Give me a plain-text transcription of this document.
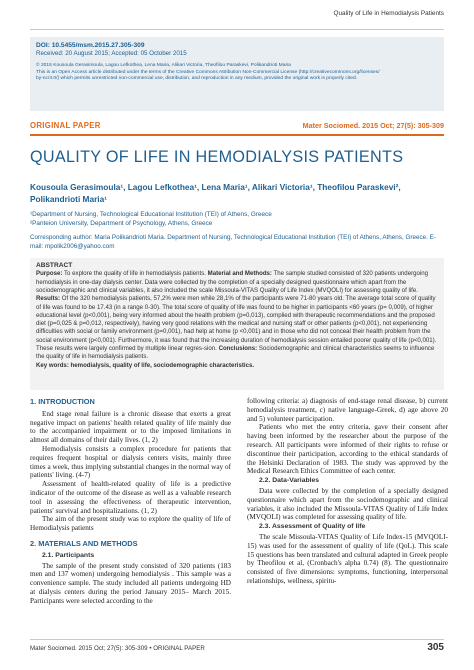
Quality of Life in Hemodialysis Patients
DOI: 10.5455/msm.2015.27.305-309
Received: 20 August 2015; Accepted: 05 October 2015
© 2015 Kousoula Gerasimoula, Lagou Lefkothea, Lena Maria, Alikari Victoria, Theofilou Paraskevi, Polikandrioti Maria
This is an Open Access article distributed under the terms of the Creative Commons Attribution Non-Commercial License (http://creativecommons.org/licenses/
by-nc/4.0/) which permits unrestricted non-commercial use, distribution, and reproduction in any medium, provided the original work is properly cited.
ORIGINAL PAPER	Mater Sociomed. 2015 Oct; 27(5): 305-309
QUALITY OF LIFE IN HEMODIALYSIS PATIENTS
Kousoula Gerasimoula¹, Lagou Lefkothea¹, Lena Maria¹, Alikari Victoria¹, Theofilou Paraskevi², Polikandrioti Maria¹
¹Department of Nursing, Technological Educational Institution (TEI) of Athens, Greece
²Panteion University, Department of Psychology, Athens, Greece
Corresponding author: Maria Polikandrioti Maria. Department of Nursing, Technological Educational Institution (TEI) of Athens, Athens, Greece. E-mail: mpolik2006@yahoo.com
ABSTRACT
Purpose: To explore the quality of life in hemodialysis patients. Material and Methods: The sample studied consisted of 320 patients undergoing hemodialysis in one-day dialysis center. Data were collected by the completion of a specially designed questionnaire which apart from the sociodemographic and clinical variables, it also included the scale Missoula-VITAS Quality of Life Index (MVQOLI) for assessing quality of life. Results: Of the 320 hemodialysis patients, 57,2% were men while 28,1% of the participants were 71-80 years old. The average total score of quality of life was found to be 17.43 (in a range 0-30). The total score of quality of life was found to be higher in participants <60 years (p= 0,009), of higher educational level (p<0,001), being very informed about the health problem (p=0,013), complied with therapeutic recommendations and the proposed diet (p=0,025 & p=0,012, respectively), having very good relations with the medical and nursing staff or other patients (p<0,001), not experiencing difficulties with social or family environment (p=0,001), had help at home (p <0,001) and in those who did not conceal their health problem from the social environment (p<0,001). Furthermore, it was found that the increasing duration of hemodialysis session entailed poorer quality of life (p<0,001). These results were largely confirmed by multiple linear regres-sion. Conclusions: Sociodemographic and clinical characteristics seems to influence the quality of life in hemodialysis patients.
Key words: hemodialysis, quality of life, sociodemographic characteristics.
1. INTRODUCTION

End stage renal failure is a chronic disease that exerts a great negative impact on patients' health related quality of life mainly due to the accompanied impairment or to the imposed limitations in almost all domains of their daily lives. (1, 2)

Hemodialysis consists a complex procedure for patients that requires frequent hospital or dialysis centers visits, mainly three times a week, thus implying substantial changes in the normal way of patients' living. (4-7)

Assessment of health-related quality of life is a predictive indicator of the outcome of the disease as well as a valuable research tool in assessing the effectiveness of therapeutic intervention, patients' survival and hospitalizations. (1, 2)

The aim of the present study was to explore the quality of life of Hemodialysis patients

2. MATERIALS AND METHODS
2.1. Participants

The sample of the present study consisted of 320 patients (183 men and 137 women) undergoing hemodialysis . This sample was a convenience sample. The study included all patients undergoing HD at dialysis centers during the period January 2015– March 2015. Participants were selected according to the

following criteria: a) diagnosis of end-stage renal disease, b) current hemodialysis treatment, c) native language-Greek, d) age above 20 and 5) volunteer participation.

Patients who met the entry criteria, gave their consent after having been informed by the researcher about the purpose of the research. All participants were informed of their rights to refuse or discontinue their participation, according to the ethical standards of the Helsinki Declaration of 1983. The study was approved by the Medical Research Ethics Committee of each center.

2.2. Data-Variables

Data were collected by the completion of a specially designed questionnaire which apart from the sociodemographic and clinical variables, it also included the Missoula-VITAS Quality of Life Index (MVQOLI) was completed for assessing quality of life.

2.3. Assessment of Quality of life

The scale Missoula-VITAS Quality of Life Index-15 (MVQOLI-15) was used for the assessment of quality of life (QoL). This scale 15 questions has been translated and cultural adapted in Greek people by Theofilou et al, (Cronbach's alpha 0.74) (8). The questionnaire consisted of five dimensions: symptoms, functioning, interpersonal relationships, wellness, spiritu-

Mater Sociomed. 2015 Oct; 27(5): 305-309 • ORIGINAL PAPER	305
